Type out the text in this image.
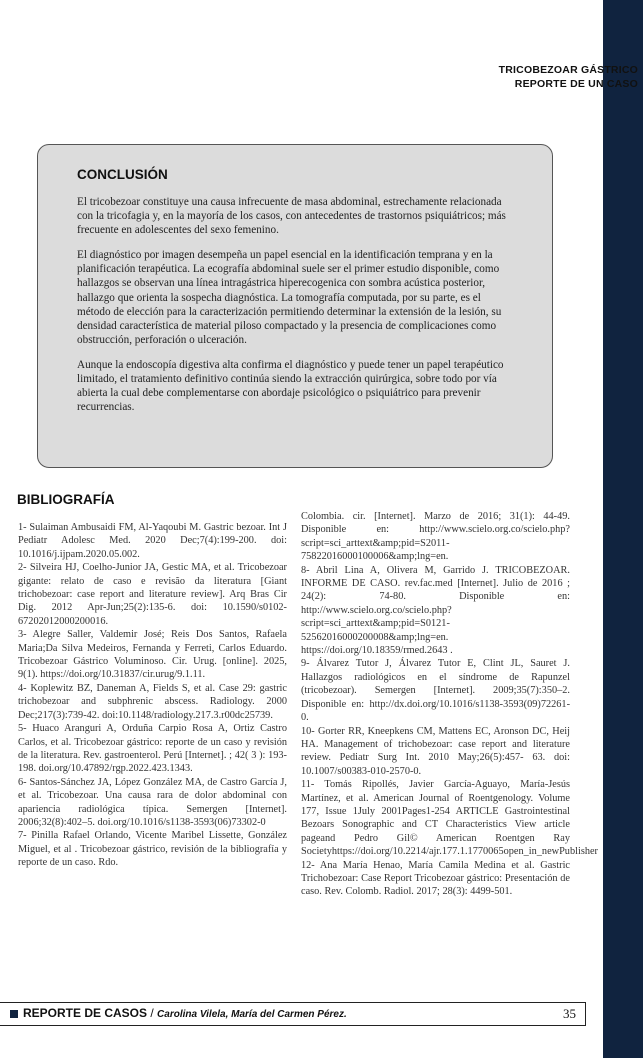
TRICOBEZOAR GÁSTRICO
REPORTE DE UN CASO
CONCLUSIÓN

El tricobezoar constituye una causa infrecuente de masa abdominal, estrechamente relacionada con la tricofagia y, en la mayoría de los casos, con antecedentes de trastornos psiquiátricos; más frecuente en adolescentes del sexo femenino.

El diagnóstico por imagen desempeña un papel esencial en la identificación temprana y en la planificación terapéutica. La ecografía abdominal suele ser el primer estudio disponible, como hallazgos se observan una línea intragástrica hiperecogenica con sombra acústica posterior, hallazgo que orienta la sospecha diagnóstica. La tomografía computada, por su parte, es el método de elección para la caracterización permitiendo determinar la extensión de la lesión, su densidad característica de material piloso compactado y la presencia de complicaciones como obstrucción, perforación o ulceración.

Aunque la endoscopía digestiva alta confirma el diagnóstico y puede tener un papel terapéutico limitado, el tratamiento definitivo continúa siendo la extracción quirúrgica, sobre todo por vía abierta la cual debe complementarse con abordaje psicológico o psiquiátrico para prevenir recurrencias.

BIBLIOGRAFÍA

1- Sulaiman Ambusaidi FM, Al-Yaqoubi M. Gastric bezoar. Int J Pediatr Adolesc Med. 2020 Dec;7(4):199-200. doi: 10.1016/j.ijpam.2020.05.002.

2- Silveira HJ, Coelho-Junior JA, Gestic MA, et al. Tricobezoar gigante: relato de caso e revisão da literatura [Giant trichobezoar: case report and literature review]. Arq Bras Cir Dig. 2012 Apr-Jun;25(2):135-6. doi: 10.1590/s0102-67202012000200016.

3- Alegre Saller, Valdemir José; Reis Dos Santos, Rafaela Maria;Da Silva Medeiros, Fernanda y Ferreti, Carlos Eduardo. Tricobezoar Gástrico Voluminoso. Cir. Urug. [online]. 2025, 9(1). https://doi.org/10.31837/cir.urug/9.1.11.

4- Koplewitz BZ, Daneman A, Fields S, et al. Case 29: gastric trichobezoar and subphrenic abscess. Radiology. 2000 Dec;217(3):739-42. doi:10.1148/radiology.217.3.r00dc25739.

5- Huaco Aranguri A, Orduña Carpio Rosa A, Ortiz Castro Carlos, et al. Tricobezoar gástrico: reporte de un caso y revisión de la literatura. Rev. gastroenterol. Perú [Internet]. ; 42( 3 ): 193-198. doi.org/10.47892/rgp.2022.423.1343.

6- Santos-Sánchez JA, López González MA, de Castro García J, et al. Tricobezoar. Una causa rara de dolor abdominal con apariencia radiológica típica. Semergen [Internet]. 2006;32(8):402–5. doi.org/10.1016/s1138-3593(06)73302-0

7- Pinilla Rafael Orlando, Vicente Maribel Lissette, González Miguel, et al . Tricobezoar gástrico, revisión de la bibliografía y reporte de un caso. Rdo.

Colombia. cir. [Internet]. Marzo de 2016; 31(1): 44-49. Disponible en: http://www.scielo.org.co/scielo.php?script=sci_arttext&amp;pid=S2011-75822016000100006&amp;lng=en.

8- Abril Lina A, Olivera M, Garrido J. TRICOBEZOAR. INFORME DE CASO. rev.fac.med [Internet]. Julio de 2016 ; 24(2): 74-80. Disponible en: http://www.scielo.org.co/scielo.php?script=sci_arttext&amp;pid=S0121- 52562016000200008&amp;lng=en. https://doi.org/10.18359/rmed.2643 .

9- Álvarez Tutor J, Álvarez Tutor E, Clint JL, Sauret J. Hallazgos radiológicos en el síndrome de Rapunzel (tricobezoar). Semergen [Internet]. 2009;35(7):350–2. Disponible en: http://dx.doi.org/10.1016/s1138-3593(09)72261-0.

10- Gorter RR, Kneepkens CM, Mattens EC, Aronson DC, Heij HA. Management of trichobezoar: case report and literature review. Pediatr Surg Int. 2010 May;26(5):457- 63. doi: 10.1007/s00383-010-2570-0.

11- Tomás Ripollés, Javier García-Aguayo, María-Jesús Martínez, et al. American Journal of Roentgenology. Volume 177, Issue 1July 2001Pages1-254 ARTICLE Gastrointestinal Bezoars Sonographic and CT Characteristics View article pageand Pedro Gil© American Roentgen Ray Societyhttps://doi.org/10.2214/ajr.177.1.1770065open_in_newPublisher

12- Ana María Henao, María Camila Medina et al. Gastric Trichobezoar: Case Report Tricobezoar gástrico: Presentación de caso. Rev. Colomb. Radiol. 2017; 28(3): 4499-501.

REPORTE DE CASOS / Carolina Vilela, María del Carmen Pérez.	35
